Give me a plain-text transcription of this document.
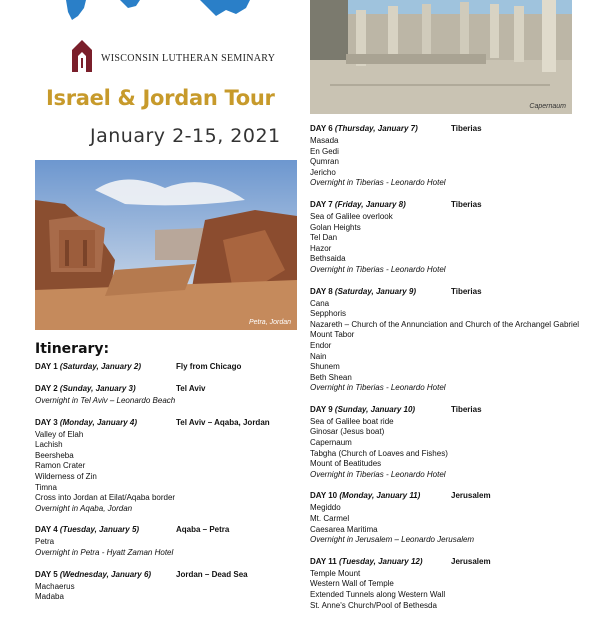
WISCONSIN LUTHERAN SEMINARY
Israel & Jordan Tour
January 2-15, 2021
Capernaum
Petra, Jordan
Itinerary:
DAY 1 (Saturday, January 2)	Fly from Chicago
DAY 2 (Sunday, January 3)	Tel Aviv
Overnight in Tel Aviv – Leonardo Beach
DAY 3 (Monday, January 4)	Tel Aviv – Aqaba, Jordan
Valley of Elah
Lachish
Beersheba
Ramon Crater
Wilderness of Zin
Timna
Cross into Jordan at Eilat/Aqaba border
Overnight in Aqaba, Jordan
DAY 4 (Tuesday, January 5)	Aqaba – Petra
Petra
Overnight in Petra - Hyatt Zaman Hotel
DAY 5 (Wednesday, January 6)	Jordan – Dead Sea
Machaerus
Madaba
DAY 6 (Thursday, January 7)	Tiberias
Masada
En Gedi
Qumran
Jericho
Overnight in Tiberias - Leonardo Hotel
DAY 7 (Friday, January 8)	Tiberias
Sea of Galilee overlook
Golan Heights
Tel Dan
Hazor
Bethsaida
Overnight in Tiberias - Leonardo Hotel
DAY 8 (Saturday, January 9)	Tiberias
Cana
Sepphoris
Nazareth – Church of the Annunciation and Church of the Archangel Gabriel
Mount Tabor
Endor
Nain
Shunem
Beth Shean
Overnight in Tiberias - Leonardo Hotel
DAY 9 (Sunday, January 10)	Tiberias
Sea of Galilee boat ride
Ginosar (Jesus boat)
Capernaum
Tabgha (Church of Loaves and Fishes)
Mount of Beatitudes
Overnight in Tiberias - Leonardo Hotel
DAY 10 (Monday, January 11)	Jerusalem
Megiddo
Mt. Carmel
Caesarea Maritima
Overnight in Jerusalem – Leonardo Jerusalem
DAY 11 (Tuesday, January 12)	Jerusalem
Temple Mount
Western Wall of Temple
Extended Tunnels along Western Wall
St. Anne's Church/Pool of Bethesda
